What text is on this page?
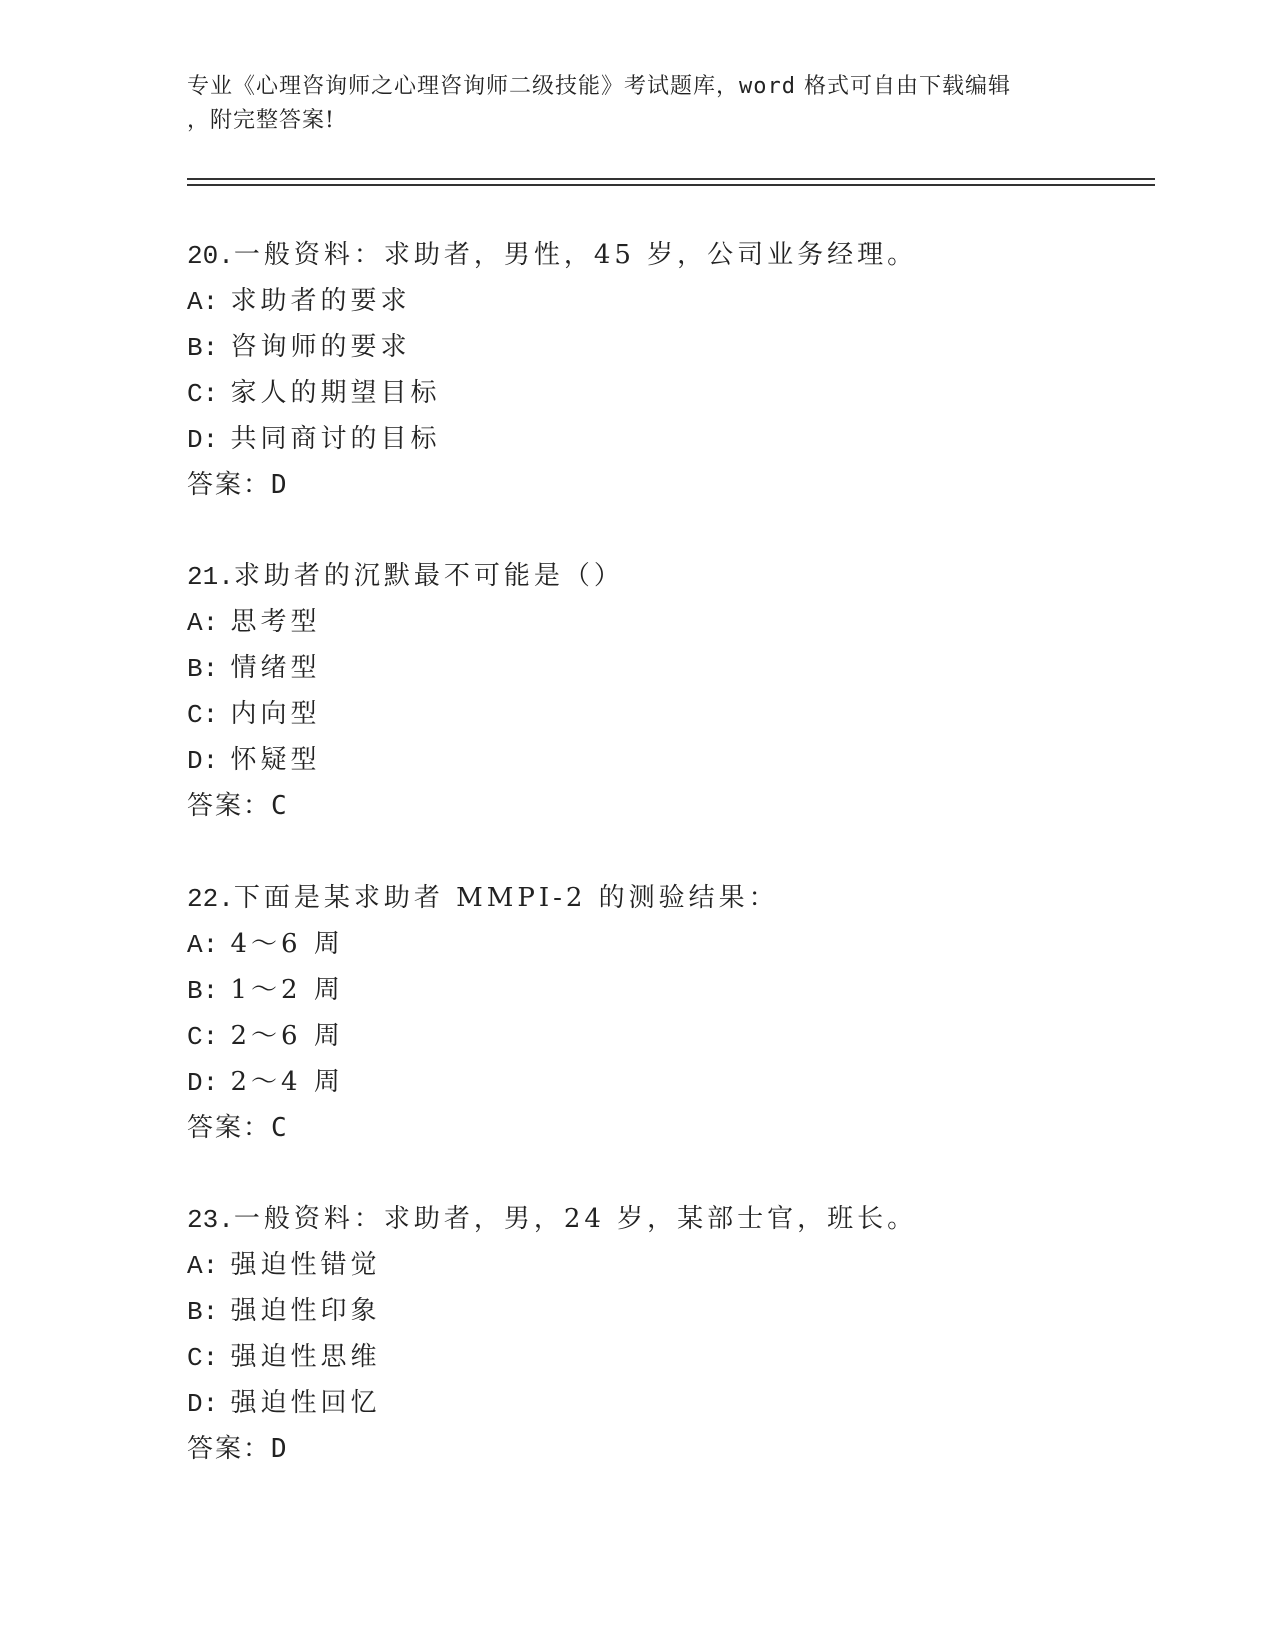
专业《心理咨询师之心理咨询师二级技能》考试题库，word 格式可自由下载编辑
，附完整答案!
20.一般资料：求助者，男性，45 岁，公司业务经理。
A: 求助者的要求
B: 咨询师的要求
C: 家人的期望目标
D: 共同商讨的目标
答案：D
21.求助者的沉默最不可能是（）
A: 思考型
B: 情绪型
C: 内向型
D: 怀疑型
答案：C
22.下面是某求助者 MMPI-2 的测验结果：
A: 4～6 周
B: 1～2 周
C: 2～6 周
D: 2～4 周
答案：C
23.一般资料：求助者，男，24 岁，某部士官，班长。
A: 强迫性错觉
B: 强迫性印象
C: 强迫性思维
D: 强迫性回忆
答案：D
